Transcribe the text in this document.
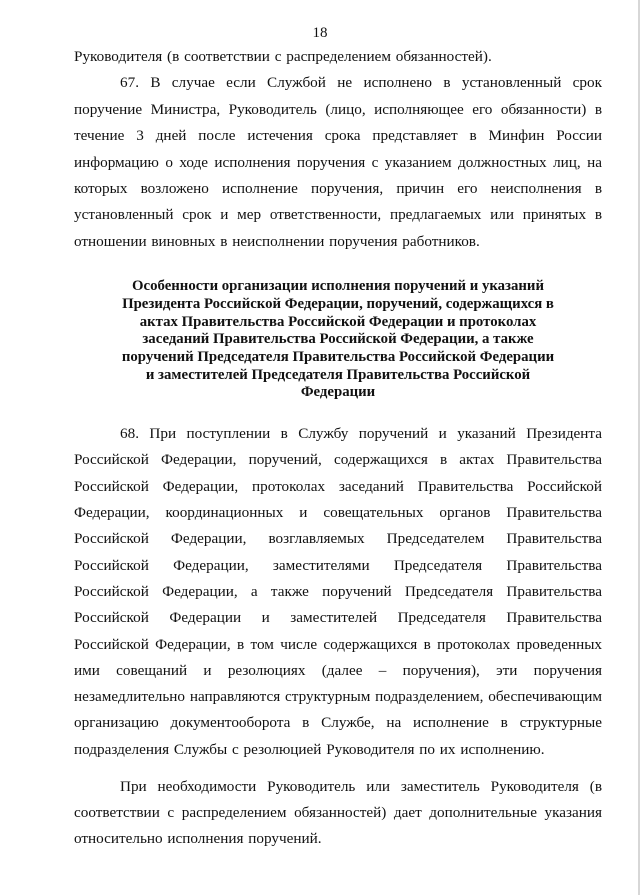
18

Руководителя (в соответствии с распределением обязанностей).

67. В случае если Службой не исполнено в установленный срок поручение Министра, Руководитель (лицо, исполняющее его обязанности) в течение 3 дней после истечения срока представляет в Минфин России информацию о ходе исполнения поручения с указанием должностных лиц, на которых возложено исполнение поручения, причин его неисполнения в установленный срок и мер ответственности, предлагаемых или принятых в отношении виновных в неисполнении поручения работников.

Особенности организации исполнения поручений и указаний Президента Российской Федерации, поручений, содержащихся в актах Правительства Российской Федерации и протоколах заседаний Правительства Российской Федерации, а также поручений Председателя Правительства Российской Федерации и заместителей Председателя Правительства Российской Федерации

68. При поступлении в Службу поручений и указаний Президента Российской Федерации, поручений, содержащихся в актах Правительства Российской Федерации, протоколах заседаний Правительства Российской Федерации, координационных и совещательных органов Правительства Российской Федерации, возглавляемых Председателем Правительства Российской Федерации, заместителями Председателя Правительства Российской Федерации, а также поручений Председателя Правительства Российской Федерации и заместителей Председателя Правительства Российской Федерации, в том числе содержащихся в протоколах проведенных ими совещаний и резолюциях (далее – поручения), эти поручения незамедлительно направляются структурным подразделением, обеспечивающим организацию документооборота в Службе, на исполнение в структурные подразделения Службы с резолюцией Руководителя по их исполнению.

При необходимости Руководитель или заместитель Руководителя (в соответствии с распределением обязанностей) дает дополнительные указания относительно исполнения поручений.
